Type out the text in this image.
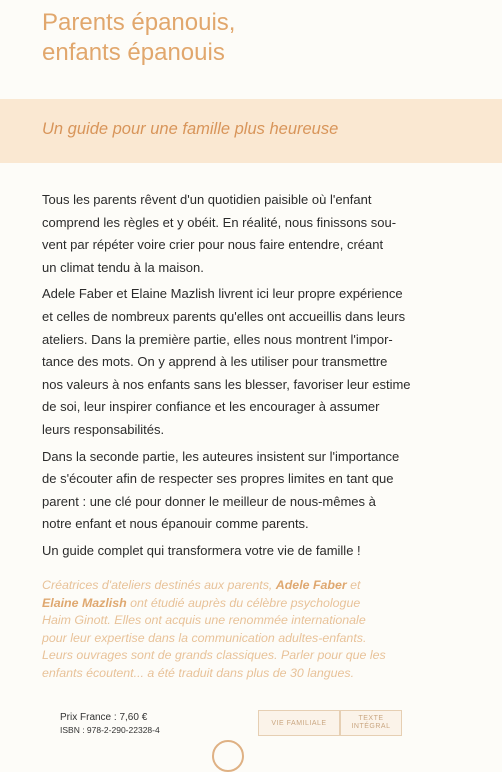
Parents épanouis,
enfants épanouis
Un guide pour une famille plus heureuse

Tous les parents rêvent d'un quotidien paisible où l'enfant
comprend les règles et y obéit. En réalité, nous finissons sou-
vent par répéter voire crier pour nous faire entendre, créant
un climat tendu à la maison.

Adele Faber et Elaine Mazlish livrent ici leur propre expérience
et celles de nombreux parents qu'elles ont accueillis dans leurs
ateliers. Dans la première partie, elles nous montrent l'impor-
tance des mots. On y apprend à les utiliser pour transmettre
nos valeurs à nos enfants sans les blesser, favoriser leur estime
de soi, leur inspirer confiance et les encourager à assumer
leurs responsabilités.

Dans la seconde partie, les auteures insistent sur l'importance
de s'écouter afin de respecter ses propres limites en tant que
parent : une clé pour donner le meilleur de nous-mêmes à
notre enfant et nous épanouir comme parents.

Un guide complet qui transformera votre vie de famille !

Créatrices d'ateliers destinés aux parents, Adele Faber et
Elaine Mazlish ont étudié auprès du célèbre psychologue
Haim Ginott. Elles ont acquis une renommée internationale
pour leur expertise dans la communication adultes-enfants.
Leurs ouvrages sont de grands classiques. Parler pour que les
enfants écoutent... a été traduit dans plus de 30 langues.
Prix France : 7,60 €
ISBN : 978-2-290-22328-4
VIE FAMILIALE
TEXTE
INTÉGRAL
